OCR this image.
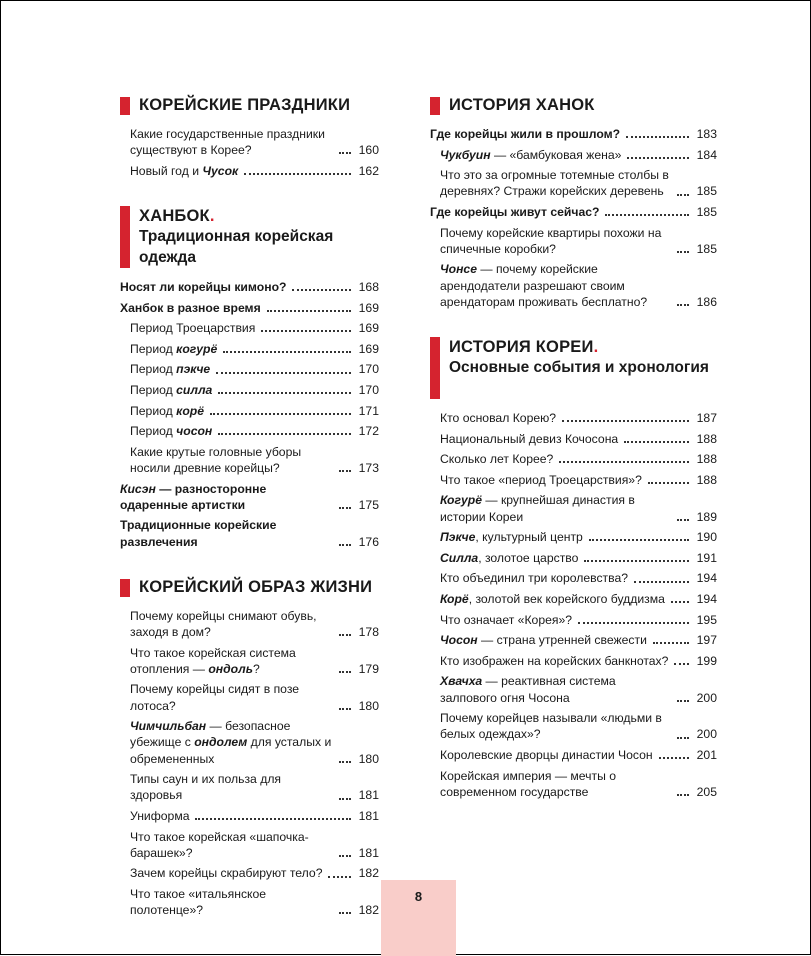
КОРЕЙСКИЕ ПРАЗДНИКИ
Какие государственные праздники существуют в Корее?	160
Новый год и Чусок	162
ХАНБОК.
Традиционная корейская одежда
Носят ли корейцы кимоно?	168
Ханбок в разное время	169
Период Троецарствия	169
Период когурё	169
Период пэкче	170
Период силла	170
Период корё	171
Период чосон	172
Какие крутые головные уборы носили древние корейцы?	173
Кисэн — разносторонне одаренные артистки	175
Традиционные корейские развлечения	176
КОРЕЙСКИЙ ОБРАЗ ЖИЗНИ
Почему корейцы снимают обувь, заходя в дом?	178
Что такое корейская система отопления — ондоль?	179
Почему корейцы сидят в позе лотоса?	180
Чимчильбан — безопасное убежище с ондолем для усталых и обремененных	180
Типы саун и их польза для здоровья	181
Униформа	181
Что такое корейская «шапочка-барашек»?	181
Зачем корейцы скрабируют тело?	182
Что такое «итальянское полотенце»?	182
ИСТОРИЯ ХАНОК
Где корейцы жили в прошлом?	183
Чукбуин — «бамбуковая жена»	184
Что это за огромные тотемные столбы в деревнях? Стражи корейских деревень	185
Где корейцы живут сейчас?	185
Почему корейские квартиры похожи на спичечные коробки?	185
Чонсе — почему корейские арендодатели разрешают своим арендаторам проживать бесплатно?	186
ИСТОРИЯ КОРЕИ.
Основные события и хронология
Кто основал Корею?	187
Национальный девиз Кочосона	188
Сколько лет Корее?	188
Что такое «период Троецарствия»?	188
Когурё — крупнейшая династия в истории Кореи	189
Пэкче, культурный центр	190
Силла, золотое царство	191
Кто объединил три королевства?	194
Корё, золотой век корейского буддизма	194
Что означает «Корея»?	195
Чосон — страна утренней свежести	197
Кто изображен на корейских банкнотах? 199
Хвачха — реактивная система залпового огня Чосона	200
Почему корейцев называли «людьми в белых одеждах»?	200
Королевские дворцы династии Чосон	201
Корейская империя — мечты о современном государстве	205
8
